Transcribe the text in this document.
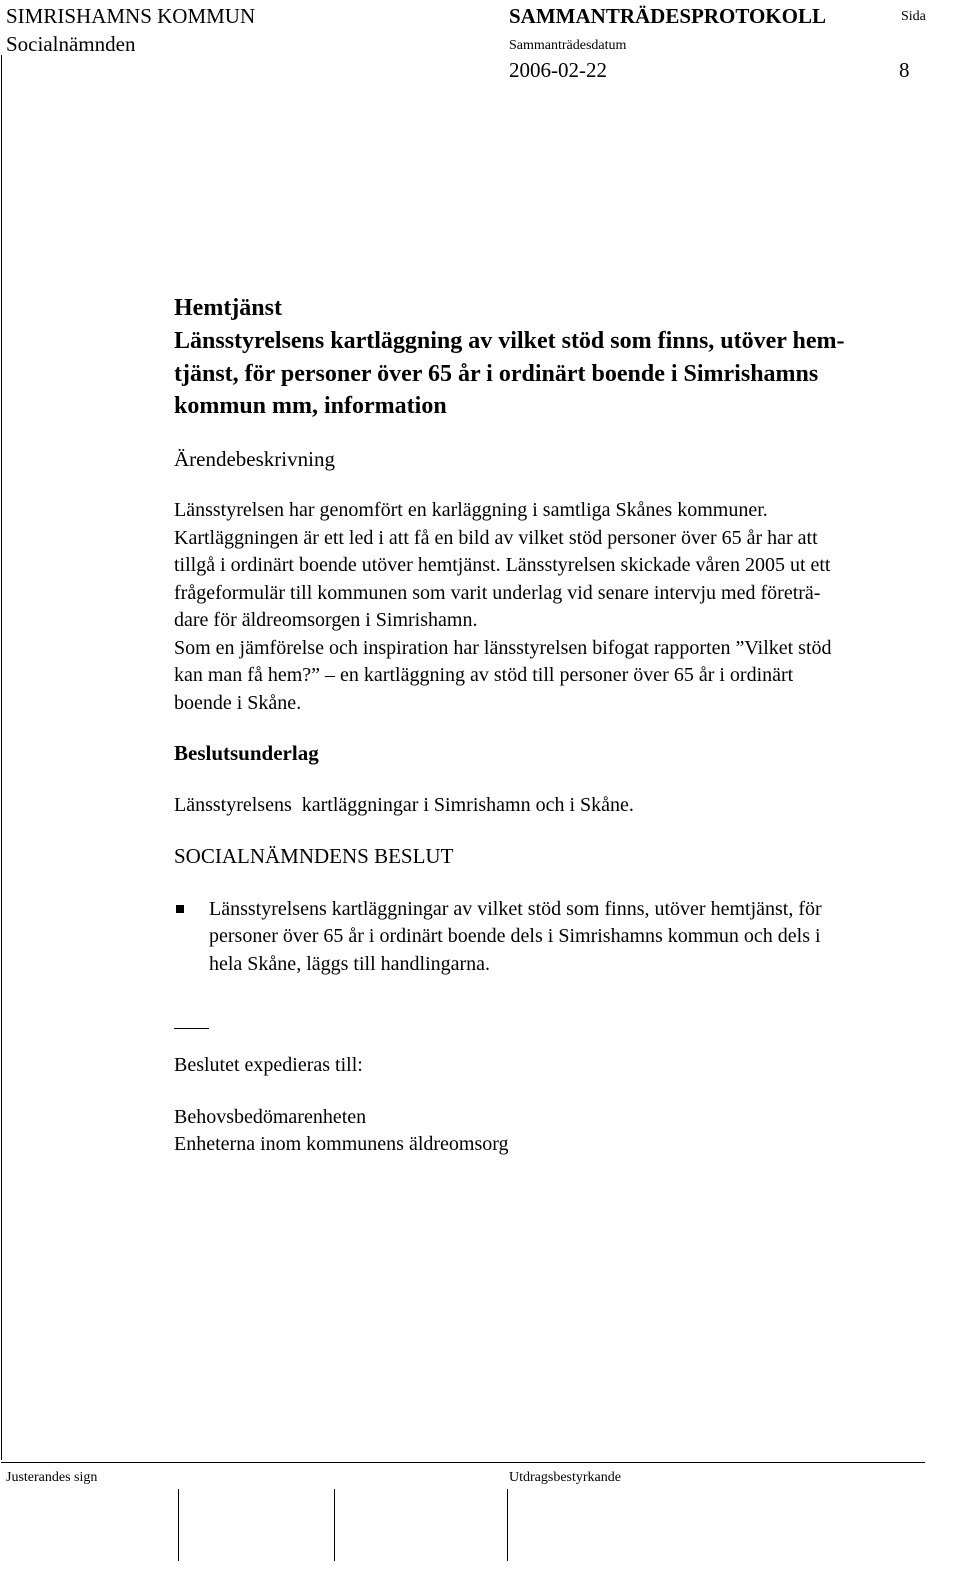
SIMRISHAMNS KOMMUN
Socialnämnden
SAMMANTRÄDESPROTOKOLL	Sida
Sammanträdesdatum
2006-02-22	8
Hemtjänst
Länsstyrelsens kartläggning av vilket stöd som finns, utöver hem-
tjänst, för personer över 65 år i ordinärt boende i Simrishamns
kommun mm, information
Ärendebeskrivning
Länsstyrelsen har genomfört en karläggning i samtliga Skånes kommuner.
Kartläggningen är ett led i att få en bild av vilket stöd personer över 65 år har att
tillgå i ordinärt boende utöver hemtjänst. Länsstyrelsen skickade våren 2005 ut ett
frågeformulär till kommunen som varit underlag vid senare intervju med företrä-
dare för äldreomsorgen i Simrishamn.
Som en jämförelse och inspiration har länsstyrelsen bifogat rapporten ”Vilket stöd
kan man få hem?” – en kartläggning av stöd till personer över 65 år i ordinärt
boende i Skåne.
Beslutsunderlag
Länsstyrelsens  kartläggningar i Simrishamn och i Skåne.
SOCIALNÄMNDENS BESLUT
Länsstyrelsens kartläggningar av vilket stöd som finns, utöver hemtjänst, för
personer över 65 år i ordinärt boende dels i Simrishamns kommun och dels i
hela Skåne, läggs till handlingarna.
Beslutet expedieras till:
Behovsbedömarenheten
Enheterna inom kommunens äldreomsorg
Justerandes sign	Utdragsbestyrkande
